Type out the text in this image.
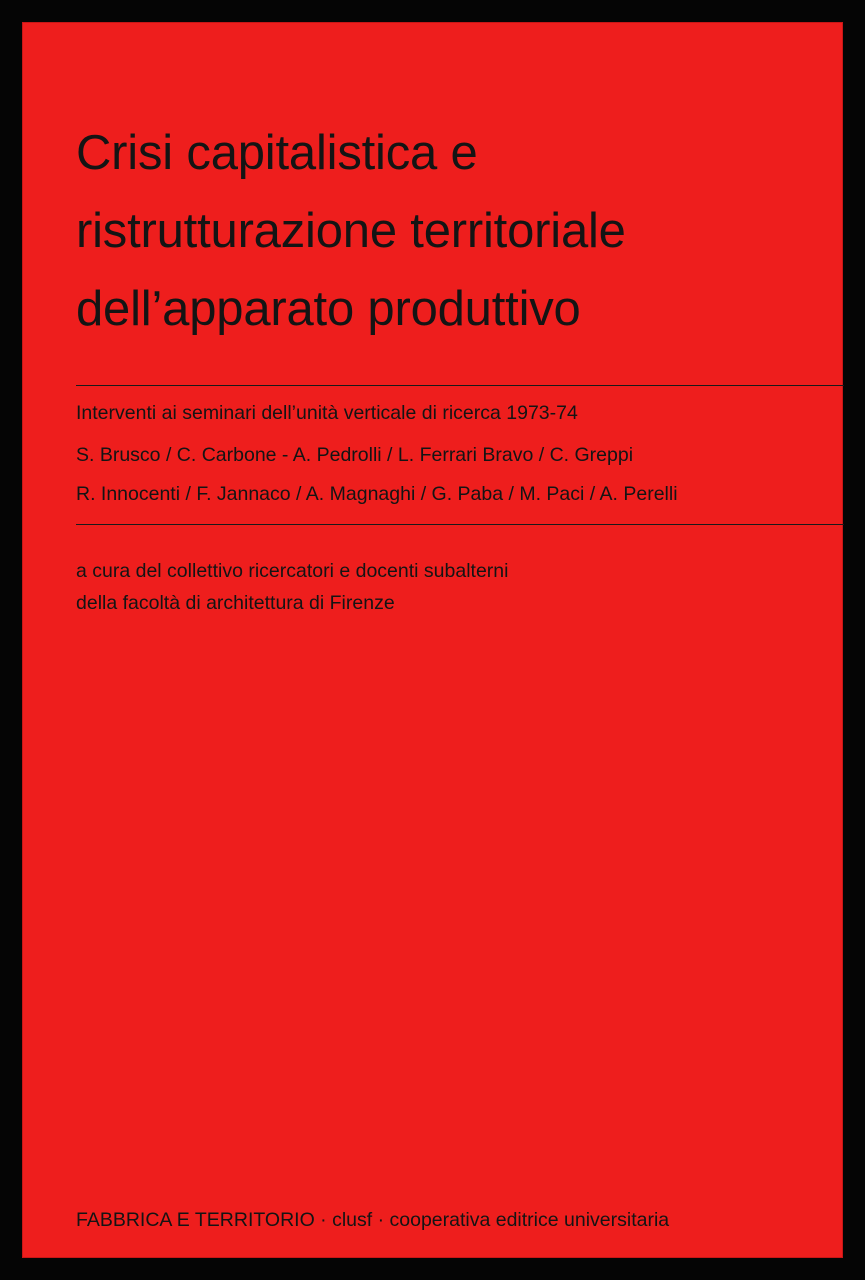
Crisi capitalistica e
ristrutturazione territoriale
dell’apparato produttivo
Interventi ai seminari dell’unità verticale di ricerca 1973-74
S. Brusco / C. Carbone - A. Pedrolli / L. Ferrari Bravo / C. Greppi
R. Innocenti / F. Jannaco / A. Magnaghi / G. Paba / M. Paci / A. Perelli
a cura del collettivo ricercatori e docenti subalterni
della facoltà di architettura di Firenze
FABBRICA E TERRITORIO · clusf · cooperativa editrice universitaria
